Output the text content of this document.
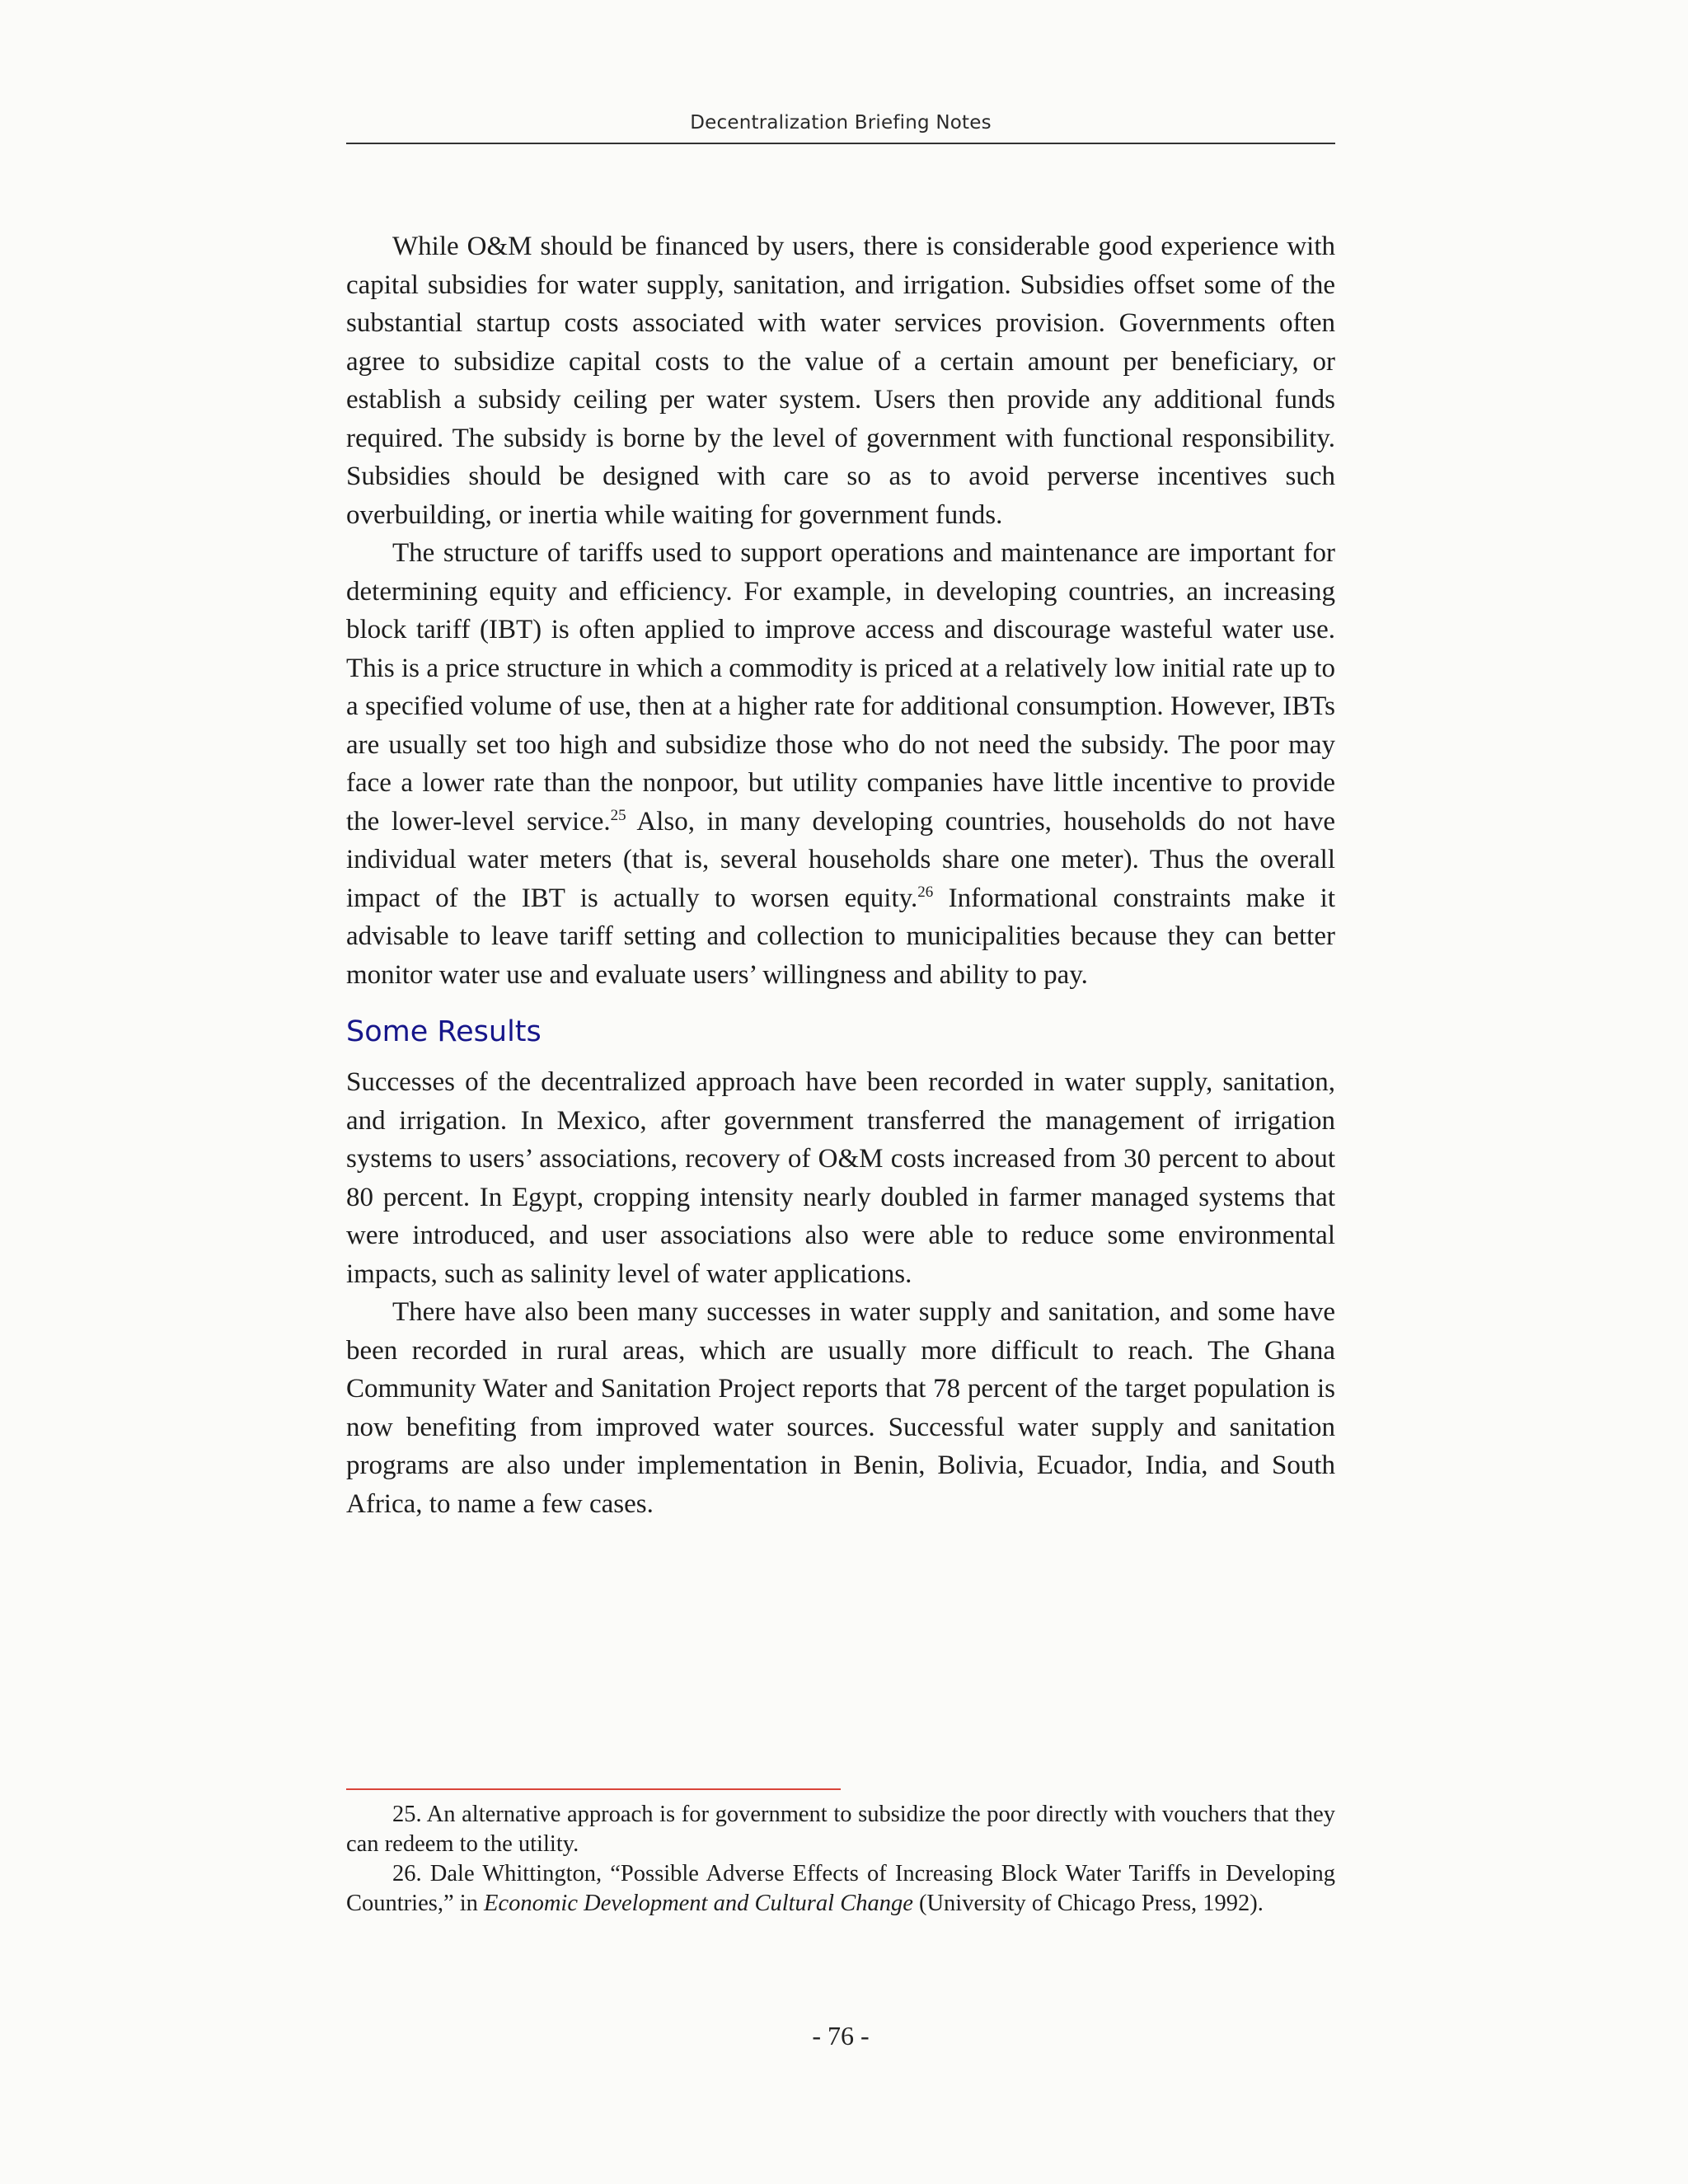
Decentralization Briefing Notes

While O&M should be financed by users, there is considerable good experience with capital subsidies for water supply, sanitation, and irrigation. Subsidies offset some of the substantial startup costs associated with water services provision. Governments often agree to subsidize capital costs to the value of a certain amount per beneficiary, or establish a subsidy ceiling per water system. Users then provide any additional funds required. The subsidy is borne by the level of government with functional responsibility. Subsidies should be designed with care so as to avoid perverse incentives such overbuilding, or inertia while waiting for government funds.

The structure of tariffs used to support operations and maintenance are important for determining equity and efficiency. For example, in developing countries, an increasing block tariff (IBT) is often applied to improve access and discourage wasteful water use. This is a price structure in which a commodity is priced at a relatively low initial rate up to a specified volume of use, then at a higher rate for additional consumption. However, IBTs are usually set too high and subsidize those who do not need the subsidy. The poor may face a lower rate than the nonpoor, but utility companies have little incentive to provide the lower-level service.$^{25}$ Also, in many developing countries, households do not have individual water meters (that is, several households share one meter). Thus the overall impact of the IBT is actually to worsen equity.$^{26}$ Informational constraints make it advisable to leave tariff setting and collection to municipalities because they can better monitor water use and evaluate users’ willingness and ability to pay.

Some Results

Successes of the decentralized approach have been recorded in water supply, sanitation, and irrigation. In Mexico, after government transferred the management of irrigation systems to users’ associations, recovery of O&M costs increased from 30 percent to about 80 percent. In Egypt, cropping intensity nearly doubled in farmer managed systems that were introduced, and user associations also were able to reduce some environmental impacts, such as salinity level of water applications.

There have also been many successes in water supply and sanitation, and some have been recorded in rural areas, which are usually more difficult to reach. The Ghana Community Water and Sanitation Project reports that 78 percent of the target population is now benefiting from improved water sources. Successful water supply and sanitation programs are also under implementation in Benin, Bolivia, Ecuador, India, and South Africa, to name a few cases.

25. An alternative approach is for government to subsidize the poor directly with vouchers that they can redeem to the utility.

26. Dale Whittington, “Possible Adverse Effects of Increasing Block Water Tariffs in Developing Countries,” in Economic Development and Cultural Change (University of Chicago Press, 1992).

- 76 -
